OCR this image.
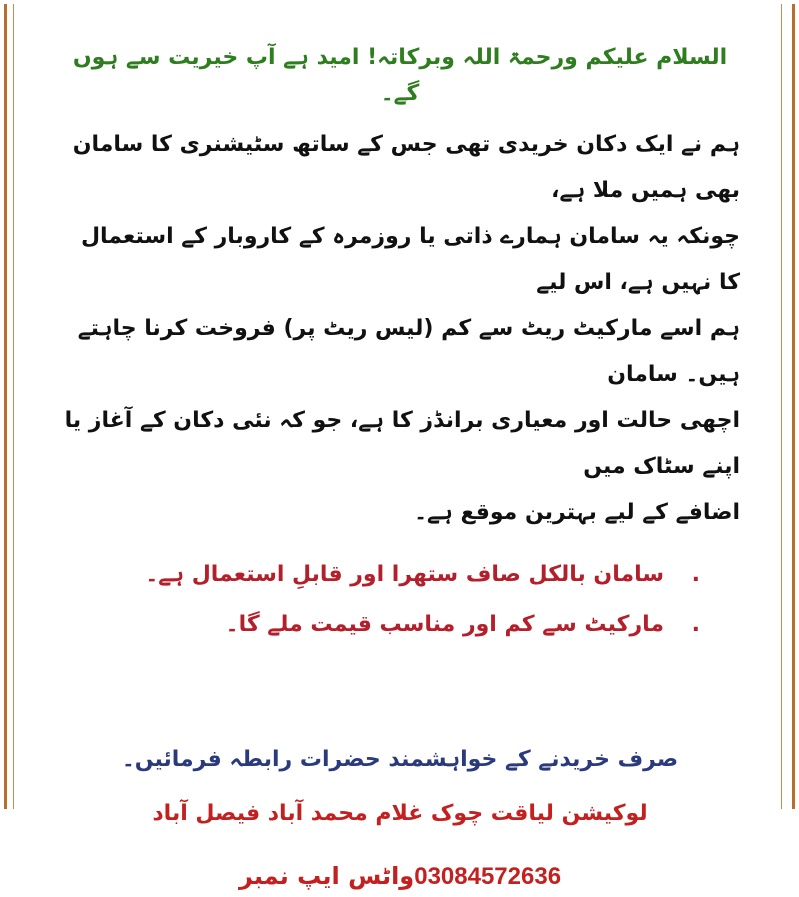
السلام علیکم ورحمۃ اللہ وبرکاتہ! امید ہے آپ خیریت سے ہوں گے۔

ہم نے ایک دکان خریدی تھی جس کے ساتھ سٹیشنری کا سامان بھی ہمیں ملا ہے،

چونکہ یہ سامان ہمارے ذاتی یا روزمرہ کے کاروبار کے استعمال کا نہیں ہے، اس لیے

ہم اسے مارکیٹ ریٹ سے کم (لیس ریٹ پر) فروخت کرنا چاہتے ہیں۔ سامان

اچھی حالت اور معیاری برانڈز کا ہے، جو کہ نئی دکان کے آغاز یا اپنے سٹاک میں

اضافے کے لیے بہترین موقع ہے۔

.
سامان بالکل صاف ستھرا اور قابلِ استعمال ہے۔
.
مارکیٹ سے کم اور مناسب قیمت ملے گا۔

صرف خریدنے کے خواہشمند حضرات رابطہ فرمائیں۔

لوکیشن لیاقت چوک غلام محمد آباد فیصل آباد

03084572636واٹس ایپ نمبر
